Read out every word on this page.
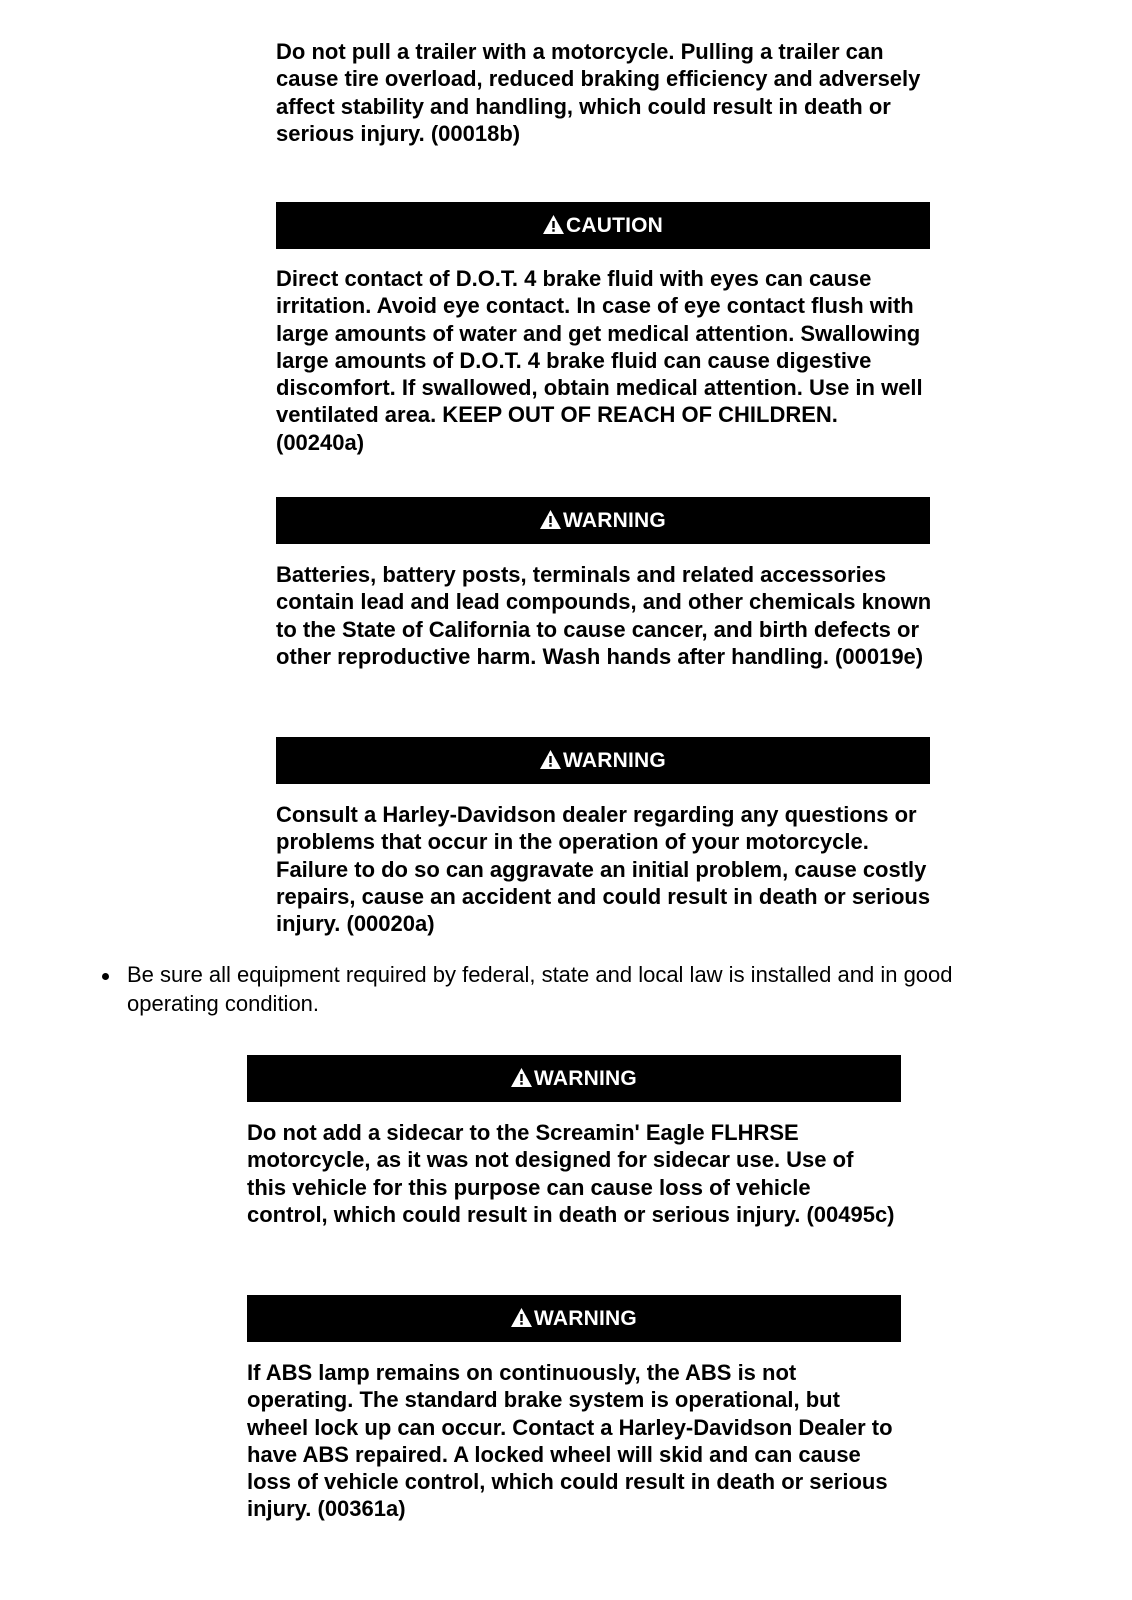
Do not pull a trailer with a motorcycle. Pulling a trailer can cause tire overload, reduced braking efficiency and adversely affect stability and handling, which could result in death or serious injury. (00018b)

CAUTION

Direct contact of D.O.T. 4 brake fluid with eyes can cause irritation. Avoid eye contact. In case of eye contact flush with large amounts of water and get medical attention. Swallowing large amounts of D.O.T. 4 brake fluid can cause digestive discomfort. If swallowed, obtain medical attention. Use in well ventilated area. KEEP OUT OF REACH OF CHILDREN. (00240a)

WARNING

Batteries, battery posts, terminals and related accessories contain lead and lead compounds, and other chemicals known to the State of California to cause cancer, and birth defects or other reproductive harm. Wash hands after handling. (00019e)

WARNING

Consult a Harley-Davidson dealer regarding any questions or problems that occur in the operation of your motorcycle. Failure to do so can aggravate an initial problem, cause costly repairs, cause an accident and could result in death or serious injury. (00020a)

Be sure all equipment required by federal, state and local law is installed and in good operating condition.
WARNING

Do not add a sidecar to the Screamin' Eagle FLHRSE motorcycle, as it was not designed for sidecar use. Use of this vehicle for this purpose can cause loss of vehicle control, which could result in death or serious injury. (00495c)

WARNING

If ABS lamp remains on continuously, the ABS is not operating. The standard brake system is operational, but wheel lock up can occur. Contact a Harley-Davidson Dealer to have ABS repaired. A locked wheel will skid and can cause loss of vehicle control, which could result in death or serious injury. (00361a)
